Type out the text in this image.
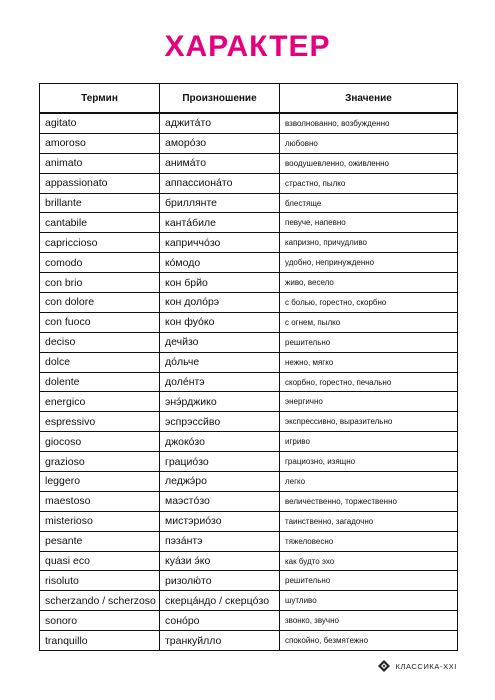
ХАРАКТЕР
Термин	Произношение	Значение
agitato	аджитáто	взволнованно, возбужденно
amoroso	аморóзо	любовно
animato	анимáто	воодушевленно, оживленно
appassionato	аппассионáто	страстно, пылко
brillante	бриллянте	блестяще
cantabile	кантáбиле	певуче, напевно
capriccioso	каприччóзо	капризно, причудливо
comodo	кóмодо	удобно, непринужденно
con brio	кон брйо	живо, весело
con dolore	кон долóрэ	с болью, горестно, скорбно
con fuoco	кон фуóко	с огнем, пылко
deciso	дечйзо	решительно
dolce	дóльче	нежно, мягко
dolente	долéнтэ	скорбно, горестно, печально
energico	энэ́рджико	энергично
espressivo	эспрэссйво	экспрессивно, выразительно
giocoso	джокóзо	игриво
grazioso	грациóзо	грациозно, изящно
leggero	леджэ́ро	легко
maestoso	маэстóзо	величественно, торжественно
misterioso	мистэриóзо	таинственно, загадочно
pesante	пэзáнтэ	тяжеловесно
quasi eco	куáзи э́ко	как будто эхо
risoluto	ризолю́то	решительно
scherzando / scherzoso	скерцáндо / скерцóзо	шутливо
sonoro	сонóро	звонко, звучно
tranquillo	транкуйлло	спокойно, безмятежно
КЛАССИКА-XXI
